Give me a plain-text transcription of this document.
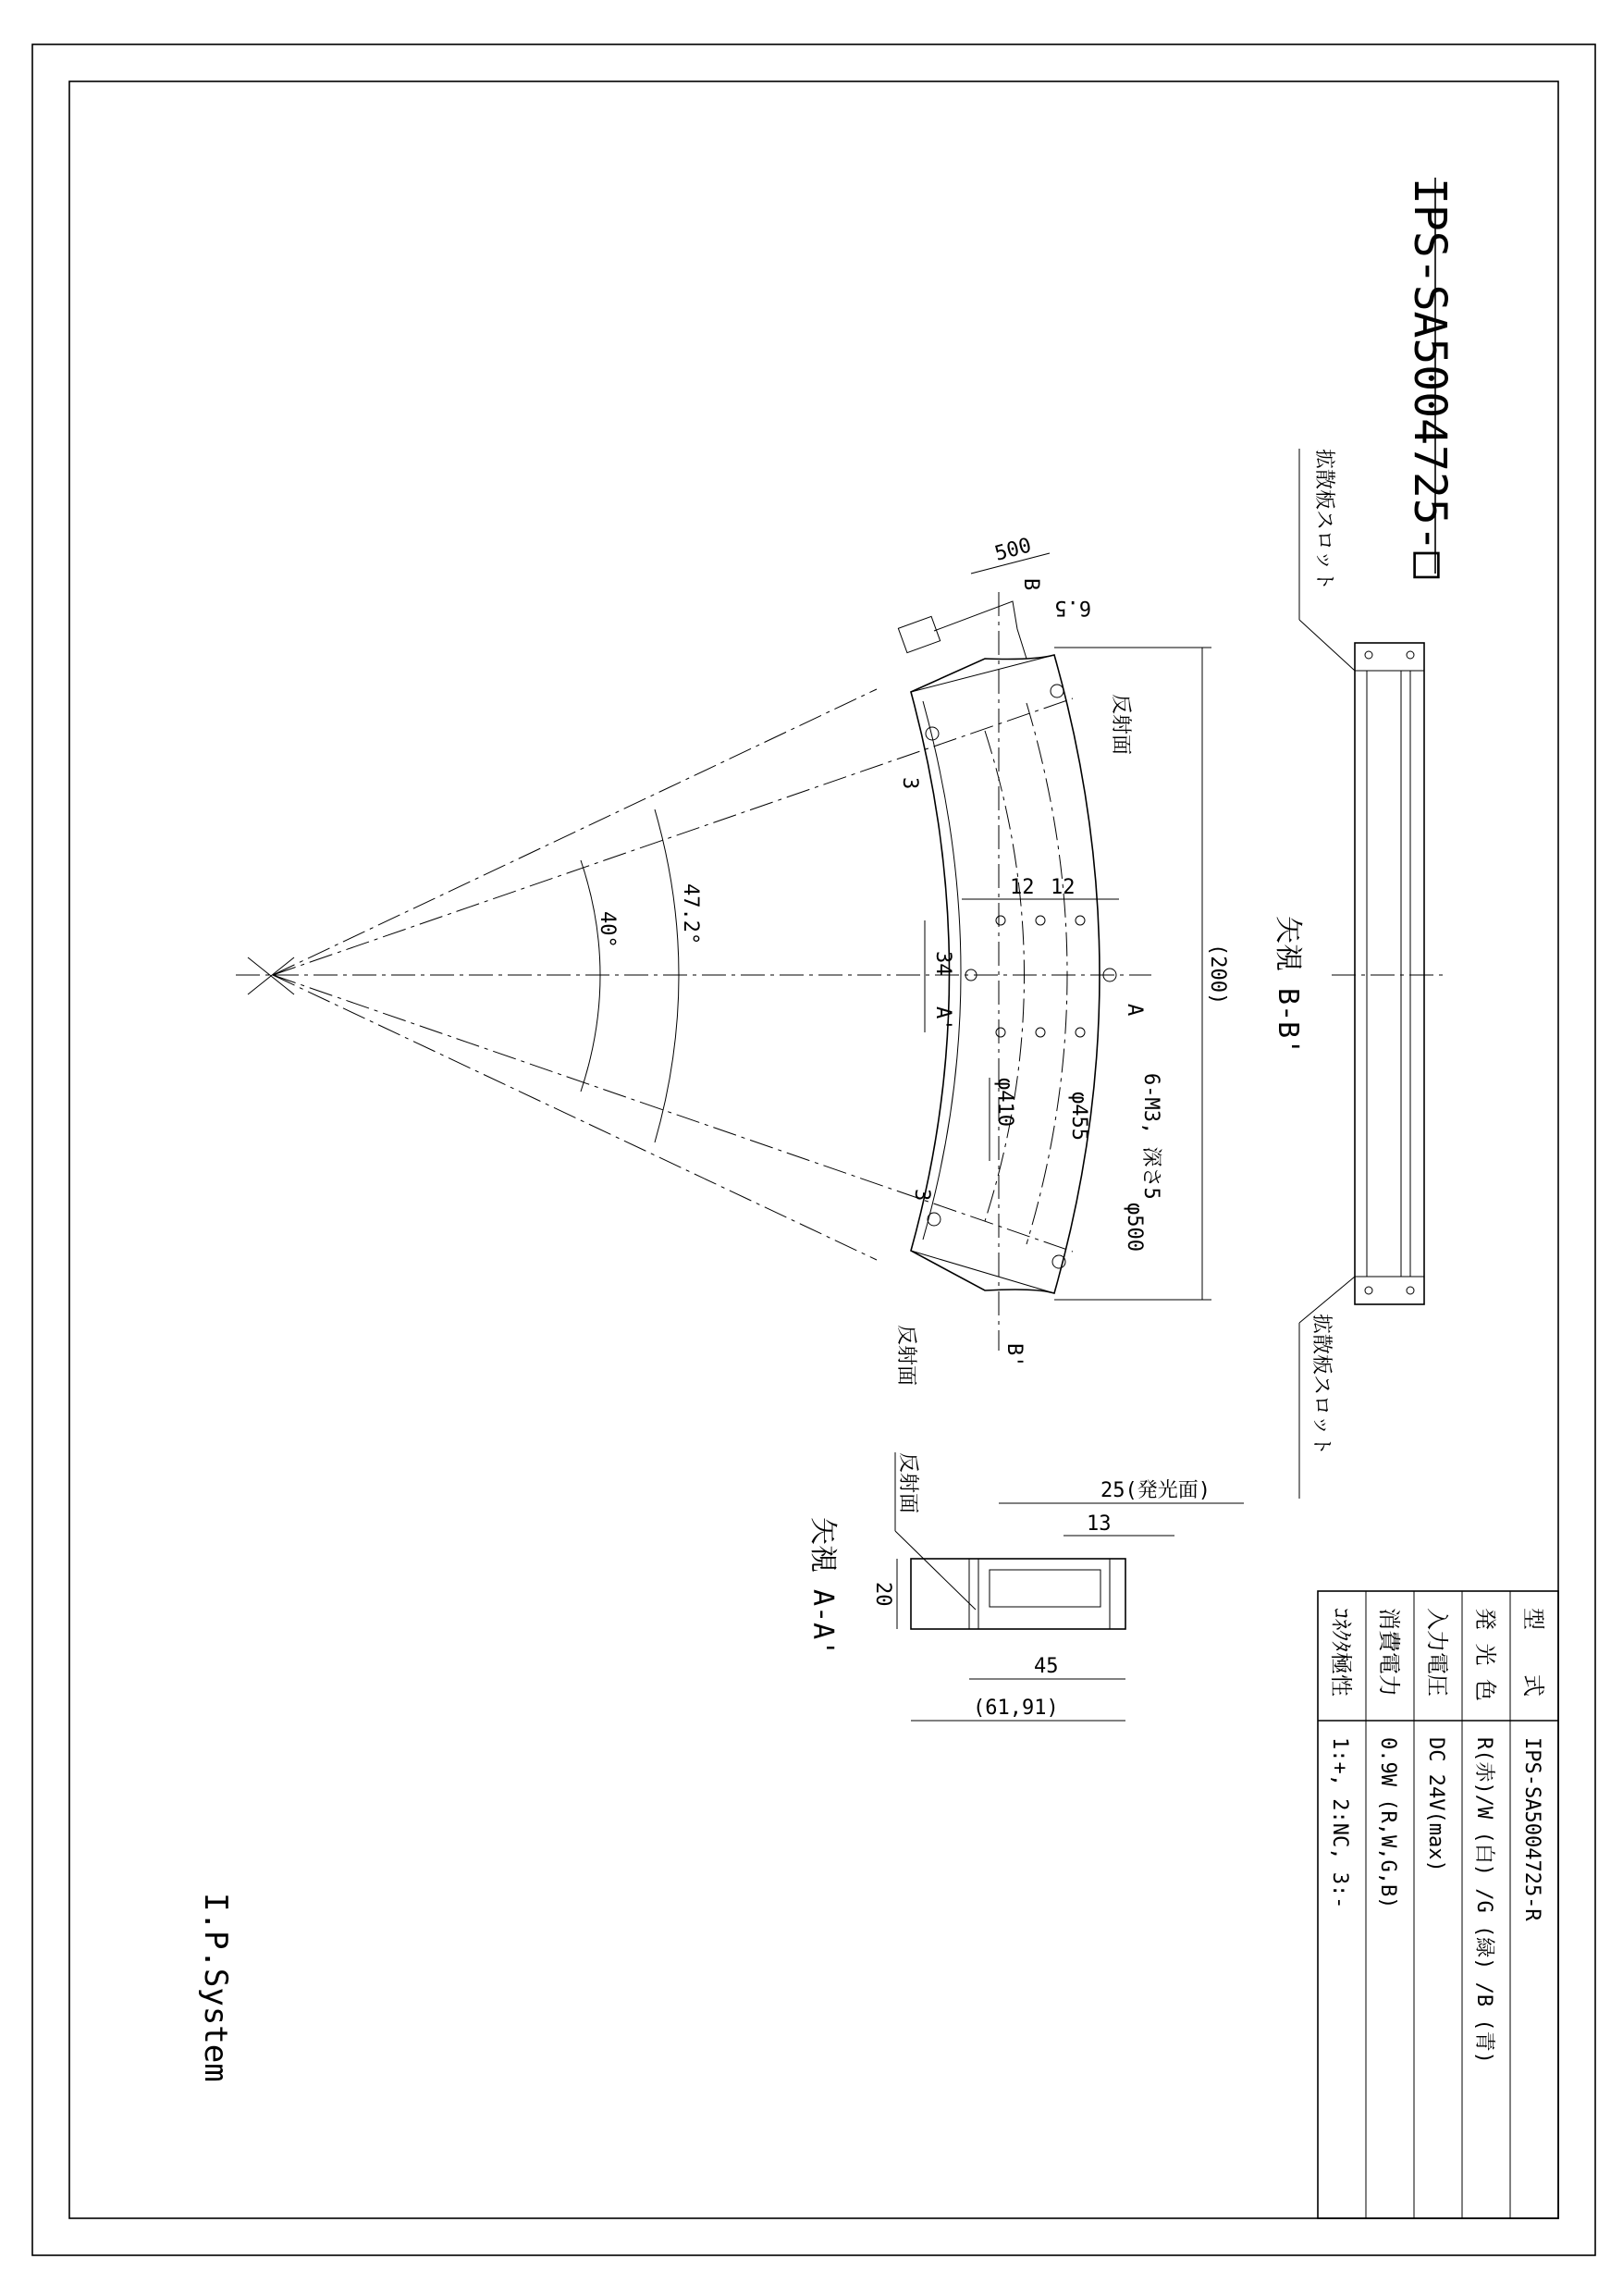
IPS-SA5004725-□
I.P.System
(200)
34
12 12
500
6.5
3
3
40°	47.2°
φ410	φ455
φ500
6-M3, 深さ5
反射面
反射面
A
A'
B
B'
矢視 B-B'
拡散板スロット
拡散板スロット
矢視 A-A'
25(発光面)
13
20
45
(61,91)
反射面
型　　式
IPS-SA5004725-R
発 光 色
R(赤)/W (白) /G (緑) /B (青)
入力電圧
DC 24V(max)
消費電力
0.9W (R,W,G,B)
ｺﾈｸﾀ極性
1:+, 2:NC, 3:-
